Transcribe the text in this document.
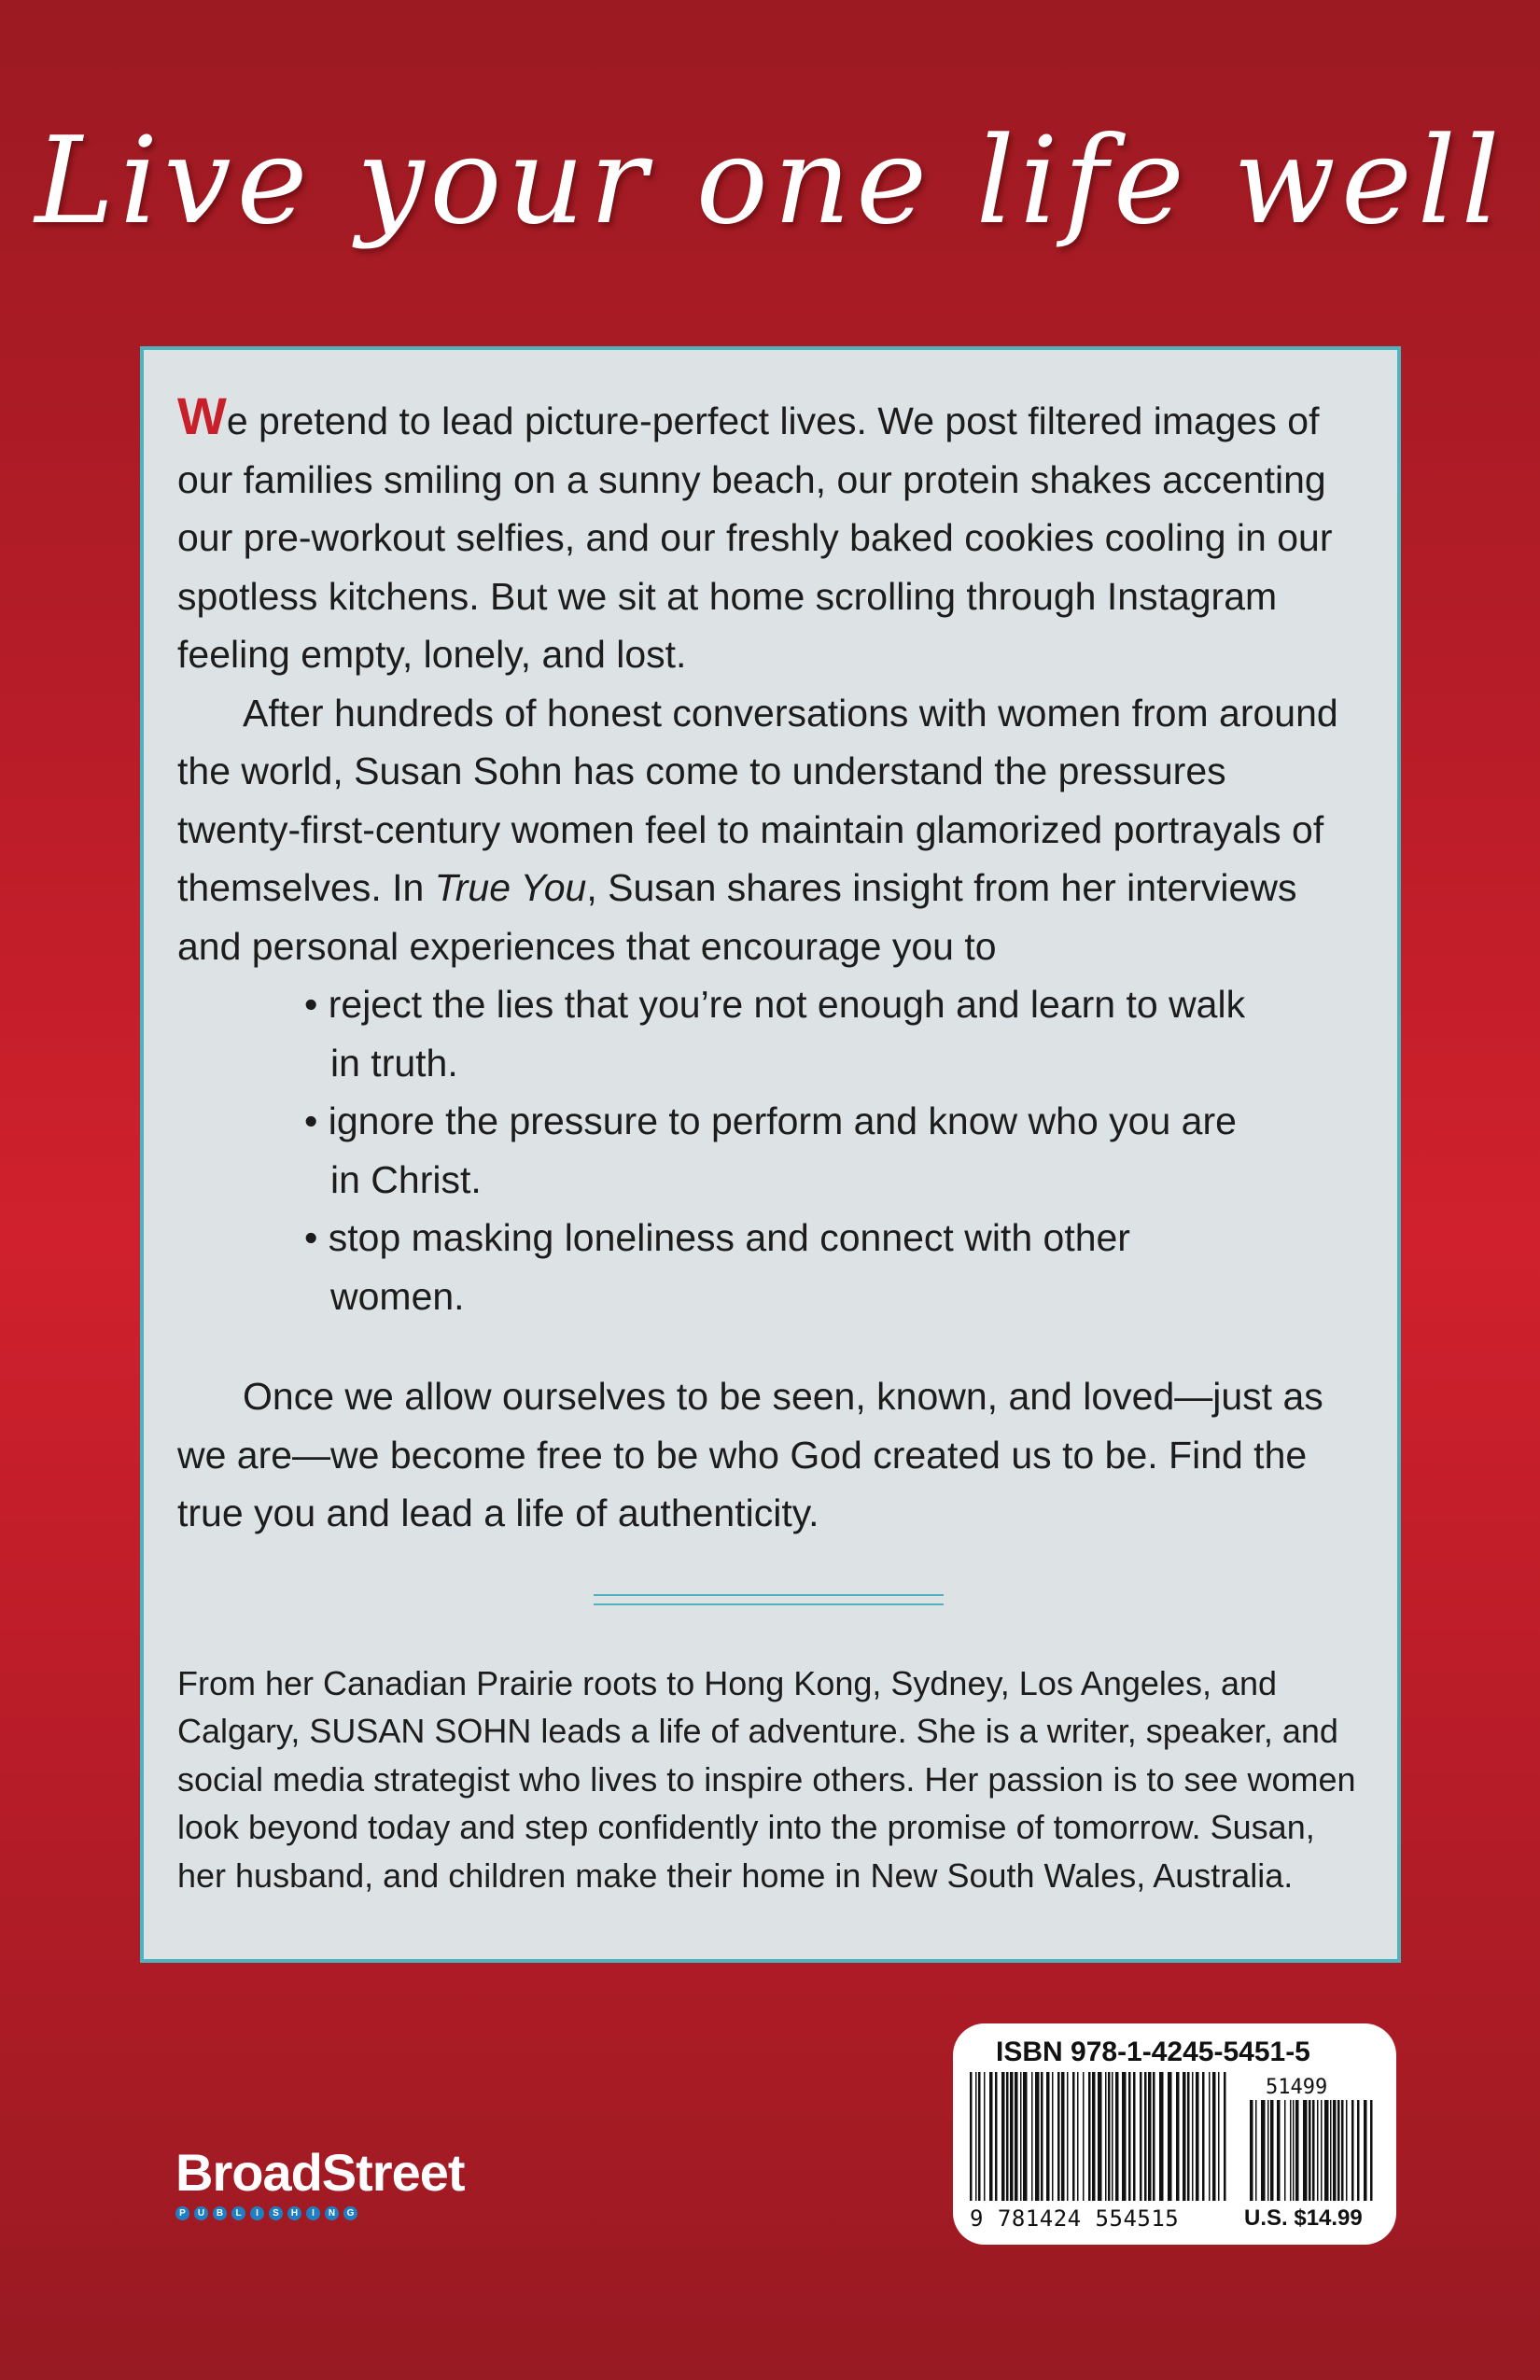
Live your one life well

We pretend to lead picture-perfect lives. We post filtered images of our families smiling on a sunny beach, our protein shakes accenting our pre-workout selfies, and our freshly baked cookies cooling in our spotless kitchens. But we sit at home scrolling through Instagram feeling empty, lonely, and lost.

After hundreds of honest conversations with women from around the world, Susan Sohn has come to understand the pressures twenty-first-century women feel to maintain glamorized portrayals of themselves. In True You, Susan shares insight from her interviews and personal experiences that encourage you to

• reject the lies that you’re not enough and learn to walk in truth.
• ignore the pressure to perform and know who you are in Christ.
• stop masking loneliness and connect with other women.

Once we allow ourselves to be seen, known, and loved—just as we are—we become free to be who God created us to be. Find the true you and lead a life of authenticity.

From her Canadian Prairie roots to Hong Kong, Sydney, Los Angeles, and Calgary, SUSAN SOHN leads a life of adventure. She is a writer, speaker, and social media strategist who lives to inspire others. Her passion is to see women look beyond today and step confidently into the promise of tomorrow. Susan, her husband, and children make their home in New South Wales, Australia.

ISBN 978-1-4245-5451-5
51499
9 781424 554515	U.S. $14.99
BroadStreet
P	U	B	L	I	S	H	I	N	G
